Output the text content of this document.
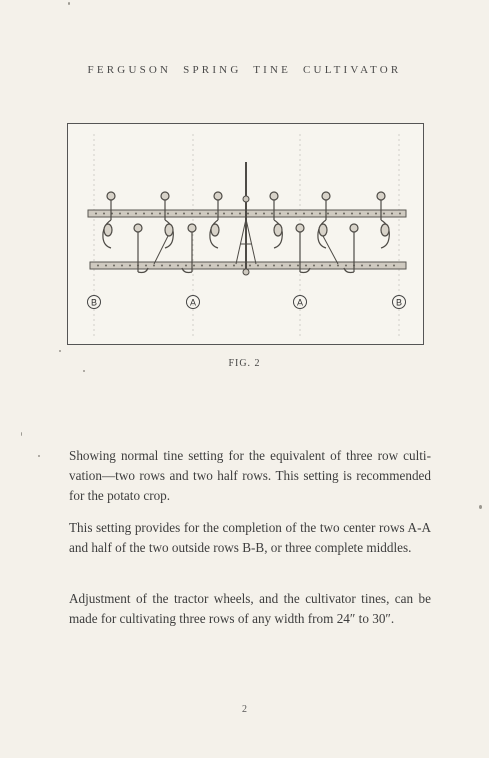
FERGUSON SPRING TINE CULTIVATOR
B	A	A	B
FIG. 2

Showing normal tine setting for the equivalent of three row culti-vation—two rows and two half rows. This setting is recommended for the potato crop.

This setting provides for the completion of the two center rows A-A and half of the two outside rows B-B, or three complete middles.

Adjustment of the tractor wheels, and the cultivator tines, can be made for cultivating three rows of any width from 24″ to 30″.

2
